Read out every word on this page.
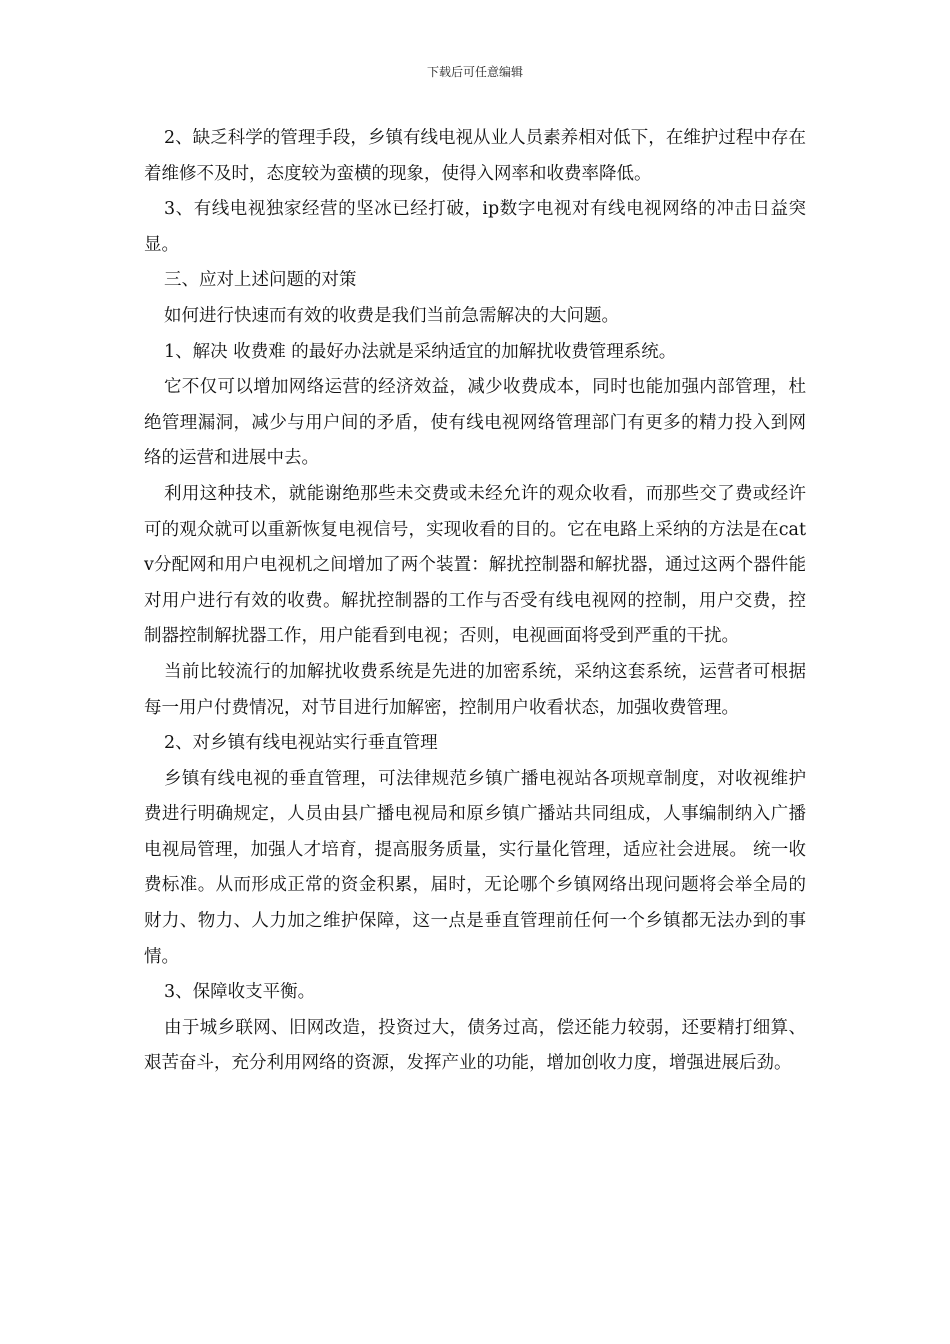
下载后可任意编辑

2、缺乏科学的管理手段，乡镇有线电视从业人员素养相对低下，在维护过程中存在着维修不及时，态度较为蛮横的现象，使得入网率和收费率降低。

3、有线电视独家经营的坚冰已经打破，ip数字电视对有线电视网络的冲击日益突显。

三、应对上述问题的对策

如何进行快速而有效的收费是我们当前急需解决的大问题。

1、解决 收费难 的最好办法就是采纳适宜的加解扰收费管理系统。

它不仅可以增加网络运营的经济效益，减少收费成本，同时也能加强内部管理，杜绝管理漏洞，减少与用户间的矛盾，使有线电视网络管理部门有更多的精力投入到网络的运营和进展中去。

利用这种技术，就能谢绝那些未交费或未经允许的观众收看，而那些交了费或经许可的观众就可以重新恢复电视信号，实现收看的目的。它在电路上采纳的方法是在catv分配网和用户电视机之间增加了两个装置：解扰控制器和解扰器，通过这两个器件能对用户进行有效的收费。解扰控制器的工作与否受有线电视网的控制，用户交费，控制器控制解扰器工作，用户能看到电视；否则，电视画面将受到严重的干扰。

当前比较流行的加解扰收费系统是先进的加密系统，采纳这套系统，运营者可根据每一用户付费情况，对节目进行加解密，控制用户收看状态，加强收费管理。

2、对乡镇有线电视站实行垂直管理

乡镇有线电视的垂直管理，可法律规范乡镇广播电视站各项规章制度，对收视维护费进行明确规定，人员由县广播电视局和原乡镇广播站共同组成，人事编制纳入广播电视局管理，加强人才培育，提高服务质量，实行量化管理，适应社会进展。 统一收费标准。从而形成正常的资金积累，届时，无论哪个乡镇网络出现问题将会举全局的财力、物力、人力加之维护保障，这一点是垂直管理前任何一个乡镇都无法办到的事情。

3、保障收支平衡。

由于城乡联网、旧网改造，投资过大，债务过高，偿还能力较弱，还要精打细算、艰苦奋斗，充分利用网络的资源，发挥产业的功能，增加创收力度，增强进展后劲。
